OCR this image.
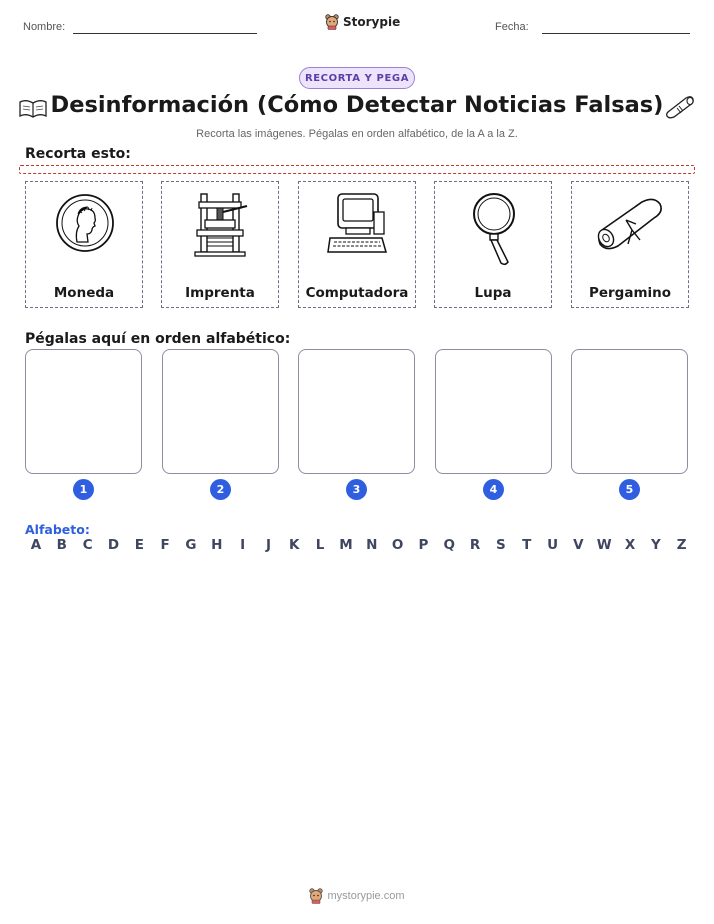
Nombre:	Storypie	Fecha:
RECORTA Y PEGA
Desinformación (Cómo Detectar Noticias Falsas)
Recorta las imágenes. Pégalas en orden alfabético, de la A a la Z.
Recorta esto:
Moneda	Imprenta	Computadora	Lupa	Pergamino
Pégalas aquí en orden alfabético:
1	2	3	4	5
Alfabeto:
A	B	C	D	E	F	G	H	I	J	K	L	M N	O	P	Q	R	S	T	U	V W X	Y	Z
mystorypie.com
